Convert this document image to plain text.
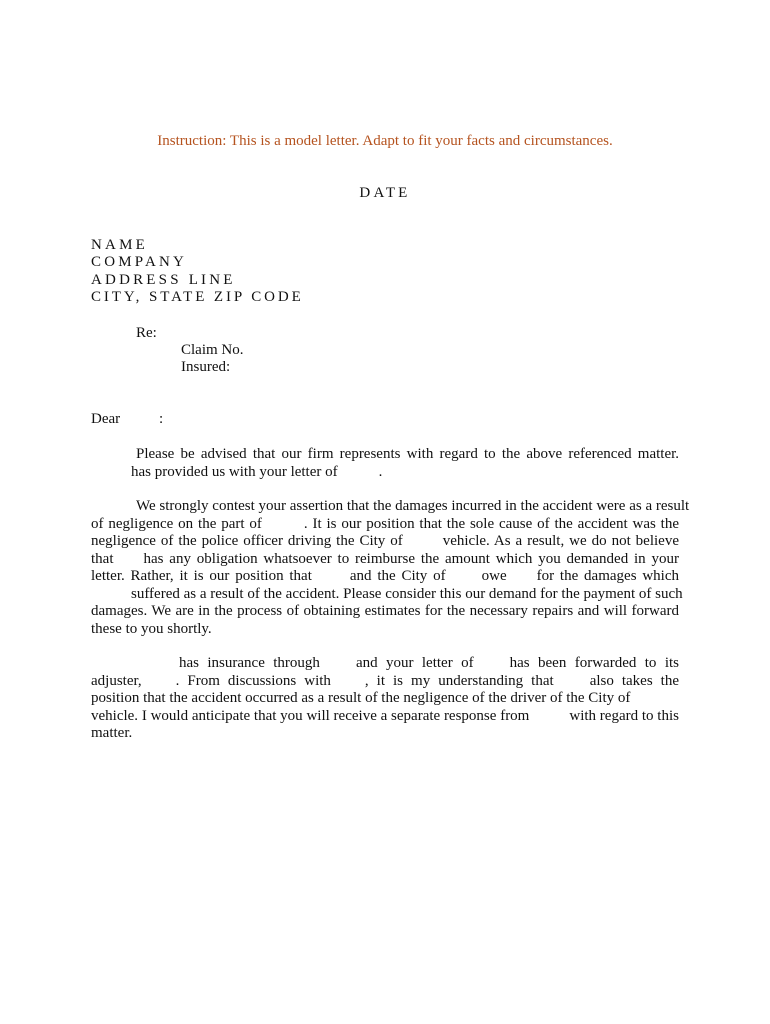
Instruction: This is a model letter. Adapt to fit your facts and circumstances.
DATE
NAME
COMPANY
ADDRESS LINE
CITY, STATE ZIP CODE
Re:
Claim No.
Insured:
Dear	:
Please be advised that our firm represents with regard to the above referenced matter.
has provided us with your letter of	.
We strongly contest your assertion that the damages incurred in the accident were as a result
of negligence on the part of	. It is our position that the sole cause of the accident was the
negligence of the police officer driving the City of	vehicle. As a result, we do not believe
that has any obligation whatsoever to reimburse the amount which you demanded in your
letter. Rather, it is our position that	and the City of owe for the damages which
suffered as a result of the accident. Please consider this our demand for the payment of such
damages. We are in the process of obtaining estimates for the necessary repairs and will forward
these to you shortly.
has insurance through and your letter of has been forwarded to its
adjuster, . From discussions with , it is my understanding that also takes the
position that the accident occurred as a result of the negligence of the driver of the City of
vehicle. I would anticipate that you will receive a separate response from	with regard to this
matter.
